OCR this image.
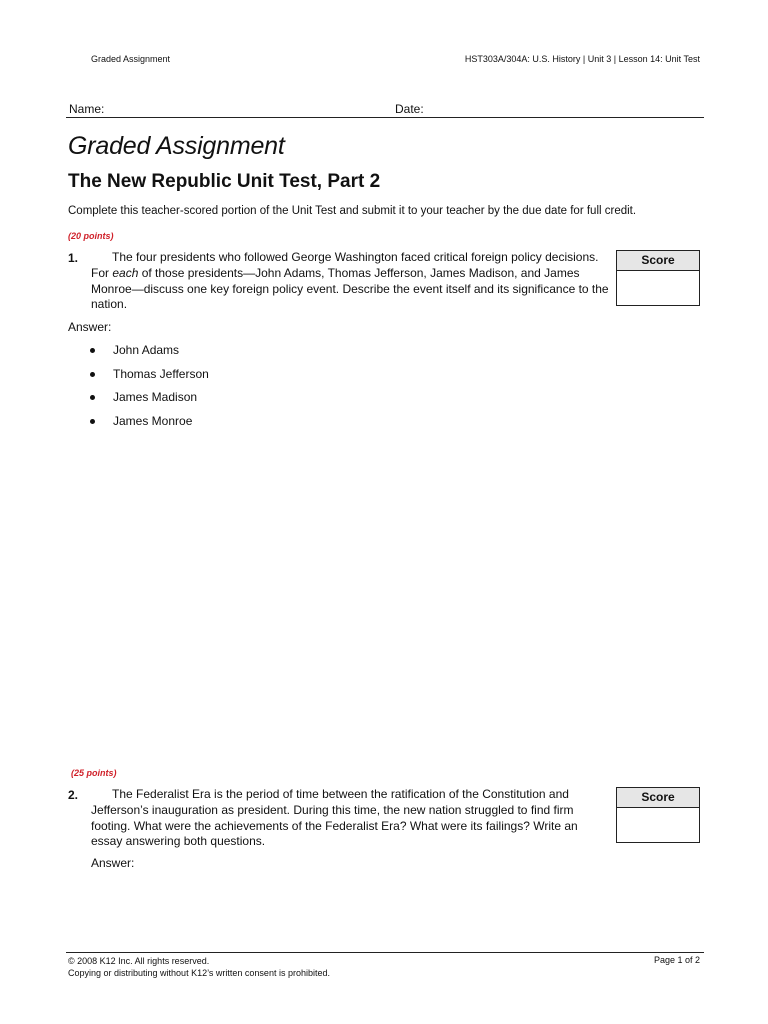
Graded Assignment	HST303A/304A: U.S. History | Unit 3 | Lesson 14: Unit Test
Name:	Date:
Graded Assignment
The New Republic Unit Test, Part 2
Complete this teacher-scored portion of the Unit Test and submit it to your teacher by the due date for full credit.
(20 points)
1.	The four presidents who followed George Washington faced critical foreign policy decisions. For each of those presidents—John Adams, Thomas Jefferson, James Madison, and James Monroe—discuss one key foreign policy event. Describe the event itself and its significance to the nation.
Score
Answer:
John Adams
Thomas Jefferson
James Madison
James Monroe
(25 points)
2.	The Federalist Era is the period of time between the ratification of the Constitution and Jefferson’s inauguration as president. During this time, the new nation struggled to find firm footing. What were the achievements of the Federalist Era? What were its failings? Write an essay answering both questions.
Score
Answer:
© 2008 K12 Inc. All rights reserved.
Copying or distributing without K12’s written consent is prohibited.
Page 1 of 2
